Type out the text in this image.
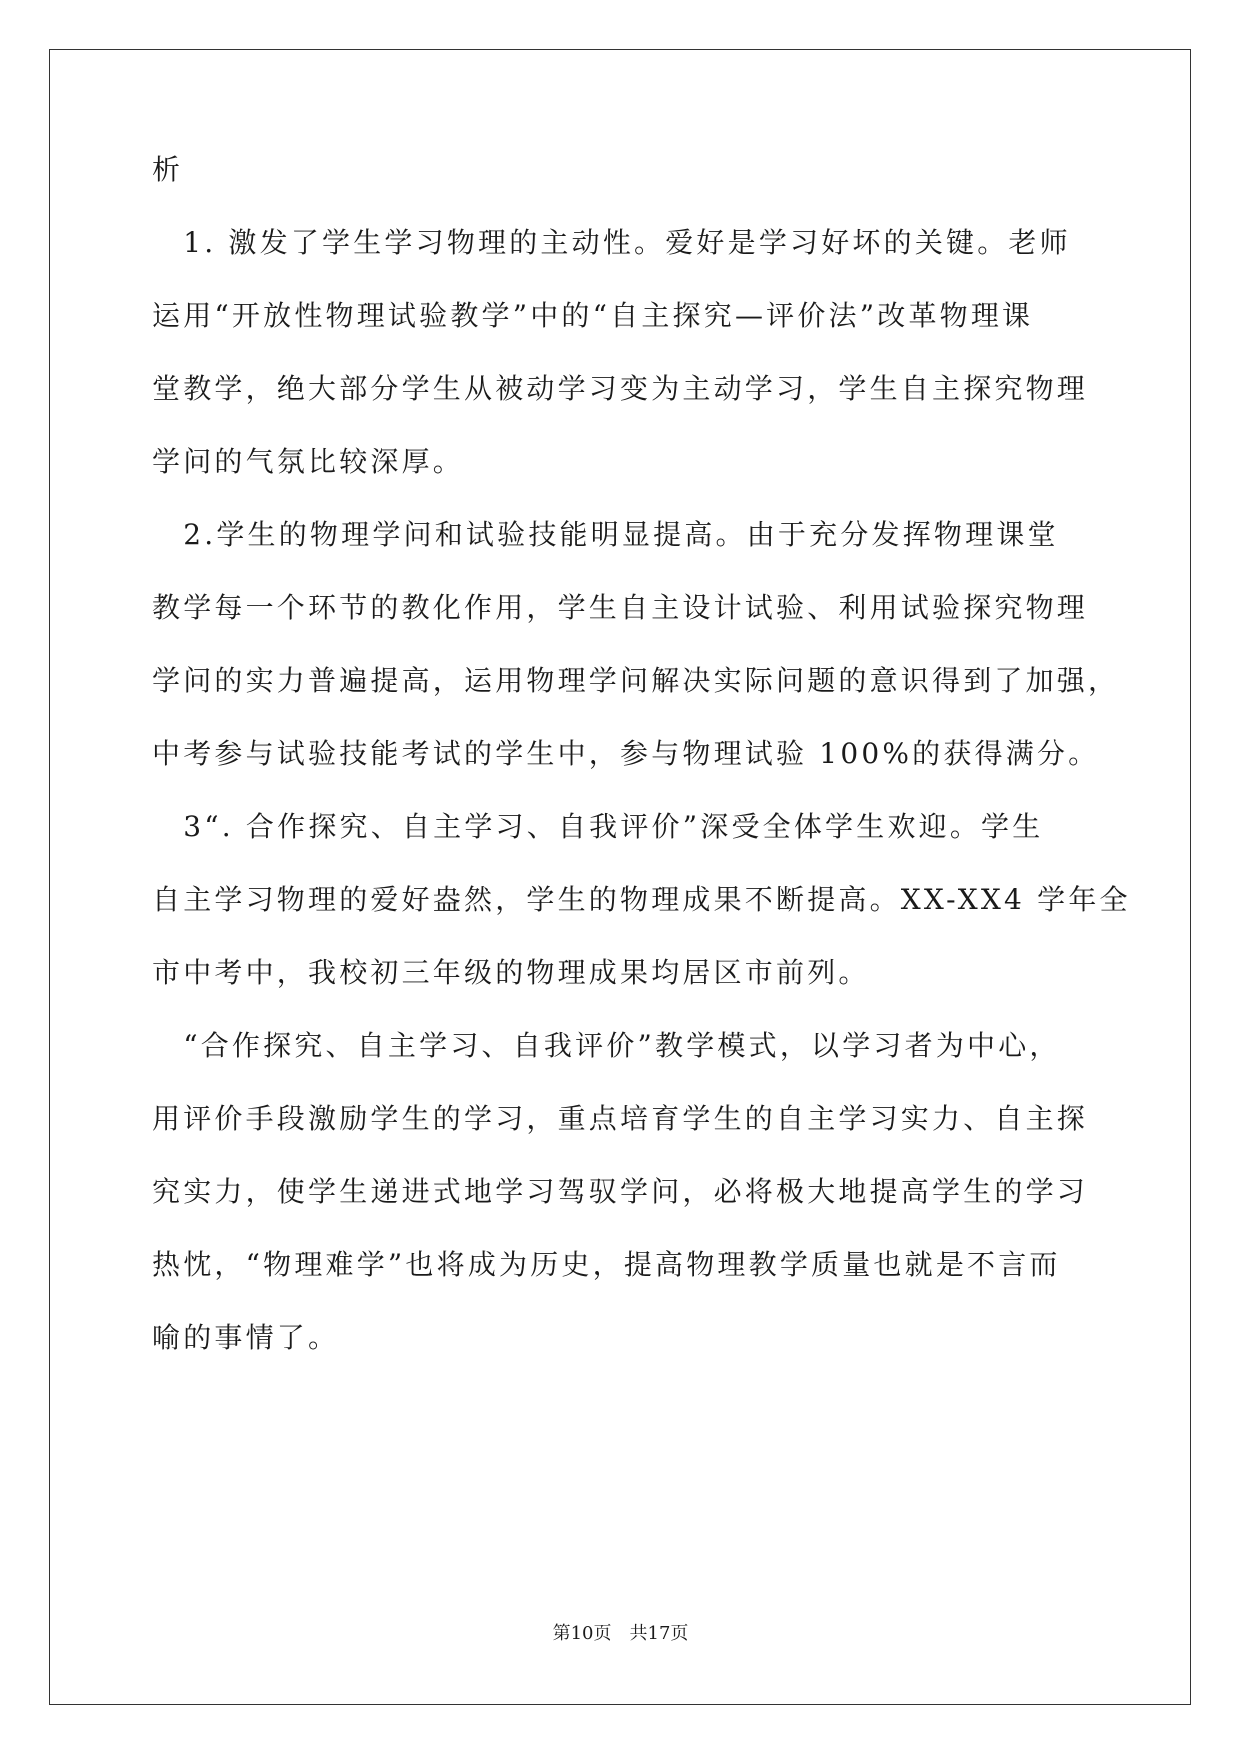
析
　1. 激发了学生学习物理的主动性。爱好是学习好坏的关键。老师
运用“开放性物理试验教学”中的“自主探究—评价法”改革物理课
堂教学，绝大部分学生从被动学习变为主动学习，学生自主探究物理
学问的气氛比较深厚。
　2.学生的物理学问和试验技能明显提高。由于充分发挥物理课堂
教学每一个环节的教化作用，学生自主设计试验、利用试验探究物理
学问的实力普遍提高，运用物理学问解决实际问题的意识得到了加强，
中考参与试验技能考试的学生中，参与物理试验 100%的获得满分。
　3“. 合作探究、自主学习、自我评价”深受全体学生欢迎。学生
自主学习物理的爱好盎然，学生的物理成果不断提高。XX-XX4 学年全
市中考中，我校初三年级的物理成果均居区市前列。
　“合作探究、自主学习、自我评价”教学模式，以学习者为中心，
用评价手段激励学生的学习，重点培育学生的自主学习实力、自主探
究实力，使学生递进式地学习驾驭学问，必将极大地提高学生的学习
热忱，“物理难学”也将成为历史，提高物理教学质量也就是不言而
喻的事情了。
第10页　共17页
